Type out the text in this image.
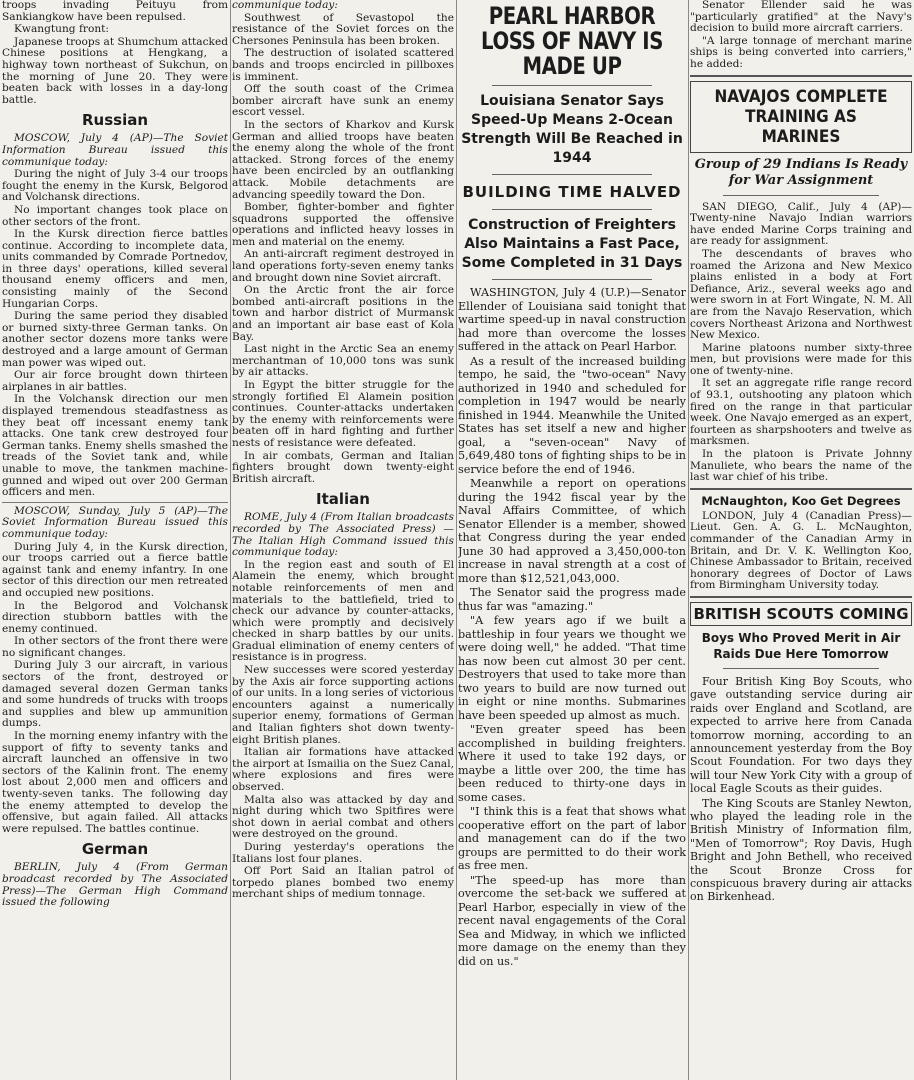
troops invading Peituyu from Sankiangkow have been repulsed.

Kwangtung front:

Japanese troops at Shumchum attacked Chinese positions at Hengkang, a highway town northeast of Sukchun, on the morning of June 20. They were beaten back with losses in a day-long battle.

Russian

MOSCOW, July 4 (AP)—The Soviet Information Bureau issued this communique today:

During the night of July 3-4 our troops fought the enemy in the Kursk, Belgorod and Volchansk directions.

No important changes took place on other sectors of the front.

In the Kursk direction fierce battles continue. According to incomplete data, units commanded by Comrade Portnedov, in three days' operations, killed several thousand enemy officers and men, consisting mainly of the Second Hungarian Corps.

During the same period they disabled or burned sixty-three German tanks. On another sector dozens more tanks were destroyed and a large amount of German man power was wiped out.

Our air force brought down thirteen airplanes in air battles.

In the Volchansk direction our men displayed tremendous steadfastness as they beat off incessant enemy tank attacks. One tank crew destroyed four German tanks. Enemy shells smashed the treads of the Soviet tank and, while unable to move, the tankmen machine-gunned and wiped out over 200 German officers and men.

MOSCOW, Sunday, July 5 (AP)—The Soviet Information Bureau issued this communique today:

During July 4, in the Kursk direction, our troops carried out a fierce battle against tank and enemy infantry. In one sector of this direction our men retreated and occupied new positions.

In the Belgorod and Volchansk direction stubborn battles with the enemy continued.

In other sectors of the front there were no significant changes.

During July 3 our aircraft, in various sectors of the front, destroyed or damaged several dozen German tanks and some hundreds of trucks with troops and supplies and blew up ammunition dumps.

In the morning enemy infantry with the support of fifty to seventy tanks and aircraft launched an offensive in two sectors of the Kalinin front. The enemy lost about 2,000 men and officers and twenty-seven tanks. The following day the enemy attempted to develop the offensive, but again failed. All attacks were repulsed. The battles continue.

German

BERLIN, July 4 (From German broadcast recorded by The Associated Press)—The German High Command issued the following

communique today:

Southwest of Sevastopol the resistance of the Soviet forces on the Chersones Peninsula has been broken.

The destruction of isolated scattered bands and troops encircled in pillboxes is imminent.

Off the south coast of the Crimea bomber aircraft have sunk an enemy escort vessel.

In the sectors of Kharkov and Kursk German and allied troops have beaten the enemy along the whole of the front attacked. Strong forces of the enemy have been encircled by an outflanking attack. Mobile detachments are advancing speedily toward the Don.

Bomber, fighter-bomber and fighter squadrons supported the offensive operations and inflicted heavy losses in men and material on the enemy.

An anti-aircraft regiment destroyed in land operations forty-seven enemy tanks and brought down nine Soviet aircraft.

On the Arctic front the air force bombed anti-aircraft positions in the town and harbor district of Murmansk and an important air base east of Kola Bay.

Last night in the Arctic Sea an enemy merchantman of 10,000 tons was sunk by air attacks.

In Egypt the bitter struggle for the strongly fortified El Alamein position continues. Counter-attacks undertaken by the enemy with reinforcements were beaten off in hard fighting and further nests of resistance were defeated.

In air combats, German and Italian fighters brought down twenty-eight British aircraft.

Italian

ROME, July 4 (From Italian broadcasts recorded by The Associated Press) — The Italian High Command issued this communique today:

In the region east and south of El Alamein the enemy, which brought notable reinforcements of men and materials to the battlefield, tried to check our advance by counter-attacks, which were promptly and decisively checked in sharp battles by our units. Gradual elimination of enemy centers of resistance is in progress.

New successes were scored yesterday by the Axis air force supporting actions of our units. In a long series of victorious encounters against a numerically superior enemy, formations of German and Italian fighters shot down twenty-eight British planes.

Italian air formations have attacked the airport at Ismailia on the Suez Canal, where explosions and fires were observed.

Malta also was attacked by day and night during which two Spitfires were shot down in aerial combat and others were destroyed on the ground.

During yesterday's operations the Italians lost four planes.

Off Port Said an Italian patrol of torpedo planes bombed two enemy merchant ships of medium tonnage.

PEARL HARBOR LOSS OF NAVY IS MADE UP
Louisiana Senator Says Speed-Up Means 2-Ocean Strength Will Be Reached in 1944
BUILDING TIME HALVED
Construction of Freighters Also Maintains a Fast Pace, Some Completed in 31 Days

WASHINGTON, July 4 (U.P.)—Senator Ellender of Louisiana said tonight that wartime speed-up in naval construction had more than overcome the losses suffered in the attack on Pearl Harbor.

As a result of the increased building tempo, he said, the "two-ocean" Navy authorized in 1940 and scheduled for completion in 1947 would be nearly finished in 1944. Meanwhile the United States has set itself a new and higher goal, a "seven-ocean" Navy of 5,649,480 tons of fighting ships to be in service before the end of 1946.

Meanwhile a report on operations during the 1942 fiscal year by the Naval Affairs Committee, of which Senator Ellender is a member, showed that Congress during the year ended June 30 had approved a 3,450,000-ton increase in naval strength at a cost of more than $12,521,043,000.

The Senator said the progress made thus far was "amazing."

"A few years ago if we built a battleship in four years we thought we were doing well," he added. "That time has now been cut almost 30 per cent. Destroyers that used to take more than two years to build are now turned out in eight or nine months. Submarines have been speeded up almost as much.

"Even greater speed has been accomplished in building freighters. Where it used to take 192 days, or maybe a little over 200, the time has been reduced to thirty-one days in some cases.

"I think this is a feat that shows what cooperative effort on the part of labor and management can do if the two groups are permitted to do their work as free men.

"The speed-up has more than overcome the set-back we suffered at Pearl Harbor, especially in view of the recent naval engagements of the Coral Sea and Midway, in which we inflicted more damage on the enemy than they did on us."

Senator Ellender said he was "particularly gratified" at the Navy's decision to build more aircraft carriers.

"A large tonnage of merchant marine ships is being converted into carriers," he added:

NAVAJOS COMPLETE TRAINING AS MARINES
Group of 29 Indians Is Ready for War Assignment

SAN DIEGO, Calif., July 4 (AP)—Twenty-nine Navajo Indian warriors have ended Marine Corps training and are ready for assignment.

The descendants of braves who roamed the Arizona and New Mexico plains enlisted in a body at Fort Defiance, Ariz., several weeks ago and were sworn in at Fort Wingate, N. M. All are from the Navajo Reservation, which covers Northeast Arizona and Northwest New Mexico.

Marine platoons number sixty-three men, but provisions were made for this one of twenty-nine.

It set an aggregate rifle range record of 93.1, outshooting any platoon which fired on the range in that particular week. One Navajo emerged as an expert, fourteen as sharpshooters and twelve as marksmen.

In the platoon is Private Johnny Manuliete, who bears the name of the last war chief of his tribe.

McNaughton, Koo Get Degrees

LONDON, July 4 (Canadian Press)—Lieut. Gen. A. G. L. McNaughton, commander of the Canadian Army in Britain, and Dr. V. K. Wellington Koo, Chinese Ambassador to Britain, received honorary degrees of Doctor of Laws from Birmingham University today.

BRITISH SCOUTS COMING
Boys Who Proved Merit in Air Raids Due Here Tomorrow

Four British King Boy Scouts, who gave outstanding service during air raids over England and Scotland, are expected to arrive here from Canada tomorrow morning, according to an announcement yesterday from the Boy Scout Foundation. For two days they will tour New York City with a group of local Eagle Scouts as their guides.

The King Scouts are Stanley Newton, who played the leading role in the British Ministry of Information film, "Men of Tomorrow"; Roy Davis, Hugh Bright and John Bethell, who received the Scout Bronze Cross for conspicuous bravery during air attacks on Birkenhead.
